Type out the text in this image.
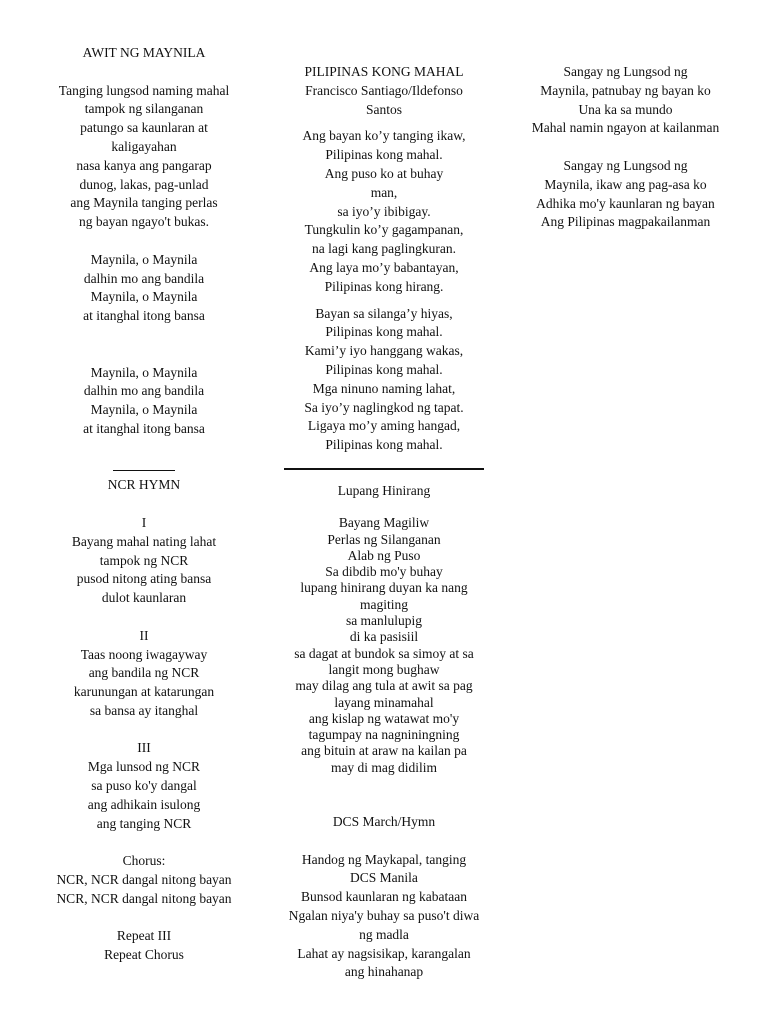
AWIT NG MAYNILA
Tanging lungsod naming mahal
tampok ng silanganan
patungo sa kaunlaran at
kaligayahan
nasa kanya ang pangarap
dunog, lakas, pag-unlad
ang Maynila tanging perlas
ng bayan ngayo't bukas.
Maynila, o Maynila
dalhin mo ang bandila
Maynila, o Maynila
at itanghal itong bansa
Maynila, o Maynila
dalhin mo ang bandila
Maynila, o Maynila
at itanghal itong bansa
NCR HYMN
I
Bayang mahal nating lahat
tampok ng NCR
pusod nitong ating bansa
dulot kaunlaran
II
Taas noong iwagayway
ang bandila ng NCR
karunungan at katarungan
sa bansa ay itanghal
III
Mga lunsod ng NCR
sa puso ko'y dangal
ang adhikain isulong
ang tanging NCR
Chorus:
NCR, NCR dangal nitong bayan
NCR, NCR dangal nitong bayan
Repeat III
Repeat Chorus
PILIPINAS KONG MAHAL
Francisco Santiago/Ildefonso
Santos
Ang bayan ko’y tanging ikaw,
Pilipinas kong mahal.
Ang puso ko at buhay
man,
sa iyo’y ibibigay.
Tungkulin ko’y gagampanan,
na lagi kang paglingkuran.
Ang laya mo’y babantayan,
Pilipinas kong hirang.
Bayan sa silanga’y hiyas,
Pilipinas kong mahal.
Kami’y iyo hanggang wakas,
Pilipinas kong mahal.
Mga ninuno naming lahat,
Sa iyo’y naglingkod ng tapat.
Ligaya mo’y aming hangad,
Pilipinas kong mahal.
Lupang Hinirang
Bayang Magiliw
Perlas ng Silanganan
Alab ng Puso
Sa dibdib mo'y buhay
lupang hinirang duyan ka nang
magiting
sa manlulupig
di ka pasisiil
sa dagat at bundok sa simoy at sa
langit mong bughaw
may dilag ang tula at awit sa pag
layang minamahal
ang kislap ng watawat mo'y
tagumpay na nagniningning
ang bituin at araw na kailan pa
may di mag didilim
DCS March/Hymn
Handog ng Maykapal, tanging
DCS Manila
Bunsod kaunlaran ng kabataan
Ngalan niya'y buhay sa puso't diwa
ng madla
Lahat ay nagsisikap, karangalan
ang hinahanap
Sangay ng Lungsod ng
Maynila, patnubay ng bayan ko
Una ka sa mundo
Mahal namin ngayon at kailanman
Sangay ng Lungsod ng
Maynila, ikaw ang pag-asa ko
Adhika mo'y kaunlaran ng bayan
Ang Pilipinas magpakailanman
